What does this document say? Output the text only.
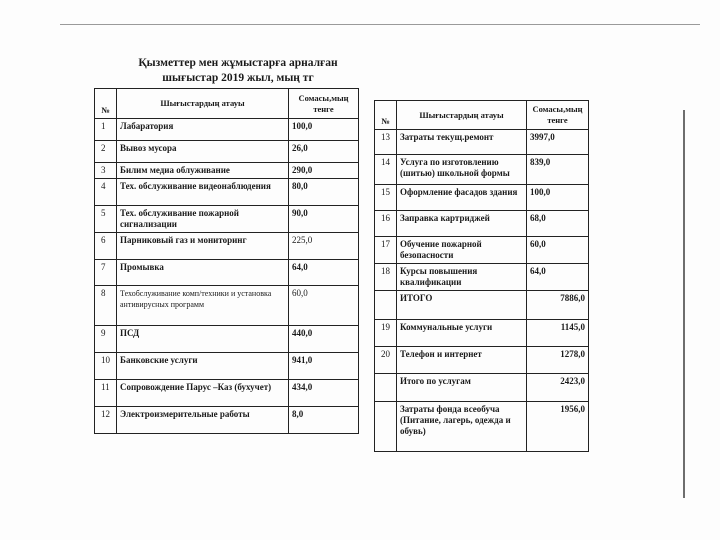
Қызметтер мен жұмыстарға арналған
шығыстар 2019 жыл, мың тг
№	Шығыстардың атауы	Сомасы,мың тенге
1	Лабаратория	100,0
2	Вывоз мусора	26,0
3	Билим медиа облуживание	290,0
4	Тех. обслуживание видеонаблюдения	80,0
5	Тех. обслуживание пожарной сигнализации	90,0
6	Парниковый газ и мониторинг	225,0
7	Промывка	64,0
8	Техобслуживание комп/техники и установка антивирусных программ	60,0
9	ПСД	440,0
10	Банковские услуги	941,0
11	Сопровождение Парус –Каз (бухучет)	434,0
12	Электроизмерительные работы	8,0
№	Шығыстардың атауы	Сомасы,мың тенге
13	Затраты текущ.ремонт	3997,0
14	Услуга по изготовлению (шитью) школьной формы	839,0
15	Оформление фасадов здания	100,0
16	Заправка картриджей	68,0
17	Обучение пожарной безопасности	60,0
18	Курсы повышения квалификации	64,0
	ИТОГО	7886,0
19	Коммунальные услуги	1145,0
20	Телефон и интернет	1278,0
	Итого по услугам	2423,0
	Затраты фонда всеобуча (Питание, лагерь, одежда и обувь)	1956,0
